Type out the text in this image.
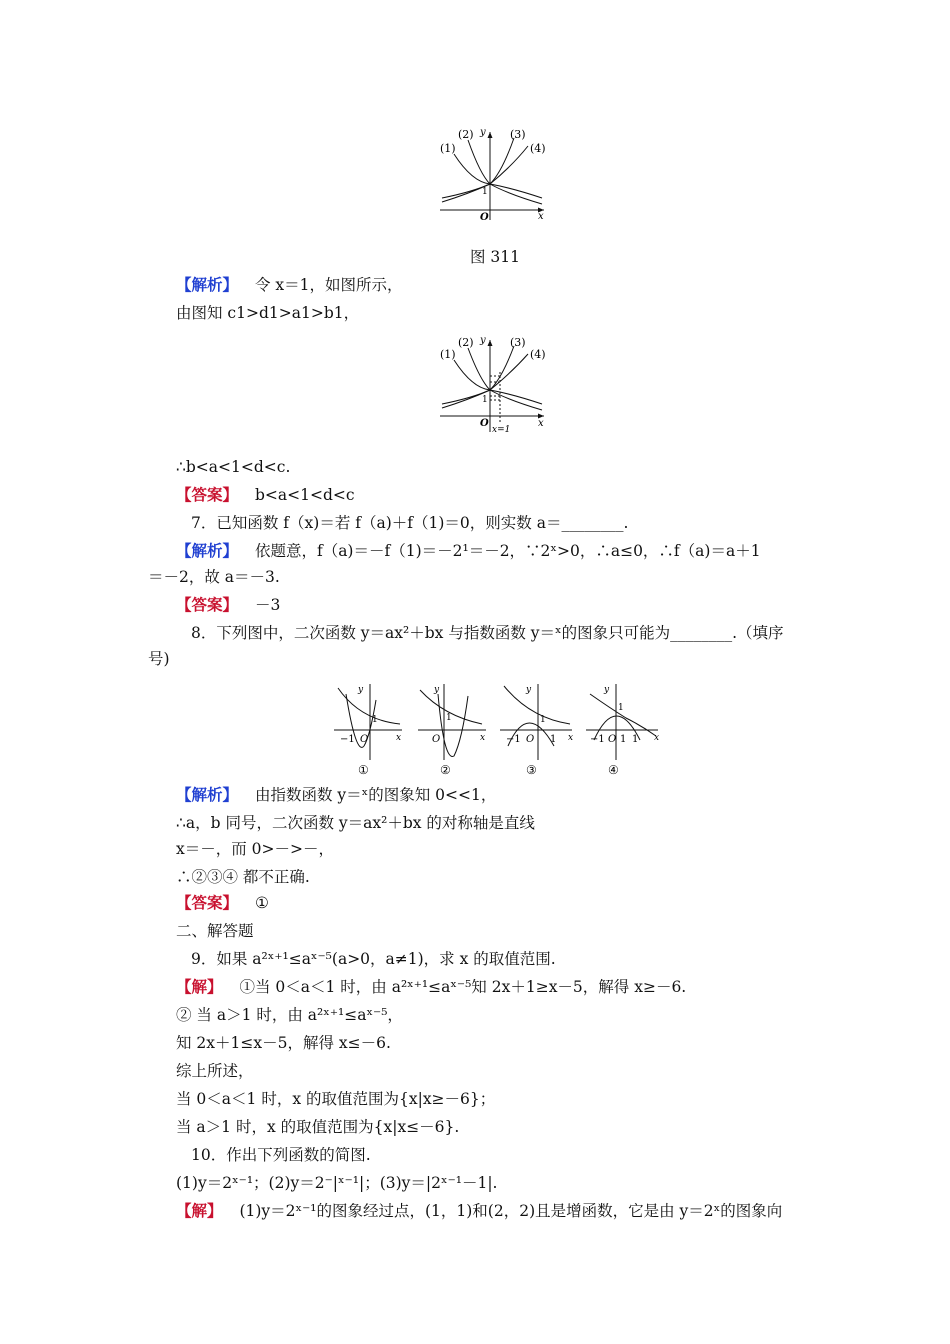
(1)
(2)	(3)
(4)
y
x
O
1
图 311
【解析】 令 x＝1，如图所示，
由图知 c1>d1>a1>b1，
(1)
(2)	(3)
(4)
y
x
O
1
x=1
∴b<a<1<d<c.
【答案】 b<a<1<d<c
7．已知函数 f（x)＝若 f（a)＋f（1)＝0，则实数 a＝________.
【解析】 依题意，f（a)＝－f（1)＝－2¹＝－2，∵2ˣ>0，∴a≤0，∴f（a)＝a＋1
＝－2，故 a＝－3.
【答案】 －3
8．下列图中，二次函数 y＝ax²＋bx 与指数函数 y＝ˣ的图象只可能为________.（填序
号)
−1 O
y
x
1
①
O
y
x
1
②
−1 O 1
y
x
1
③
−1 O 1 1
y
x
1
④
【解析】 由指数函数 y＝ˣ的图象知 0<<1，
∴a，b 同号，二次函数 y＝ax²＋bx 的对称轴是直线
x＝－，而 0>－>－，
∴②③④ 都不正确.
【答案】 ①
二、解答题
9．如果 a²ˣ⁺¹≤aˣ⁻⁵(a>0，a≠1)，求 x 的取值范围.
【解】 ①当 0＜a＜1 时，由 a²ˣ⁺¹≤aˣ⁻⁵知 2x＋1≥x－5，解得 x≥－6.
② 当 a＞1 时，由 a²ˣ⁺¹≤aˣ⁻⁵，
知 2x＋1≤x－5，解得 x≤－6.
综上所述，
当 0＜a＜1 时，x 的取值范围为{x|x≥－6}；
当 a＞1 时，x 的取值范围为{x|x≤－6}.
10．作出下列函数的简图.
(1)y＝2ˣ⁻¹；(2)y＝2⁻|ˣ⁻¹|；(3)y＝|2ˣ⁻¹－1|.
【解】 (1)y＝2ˣ⁻¹的图象经过点，(1，1)和(2，2)且是增函数，它是由 y＝2ˣ的图象向
